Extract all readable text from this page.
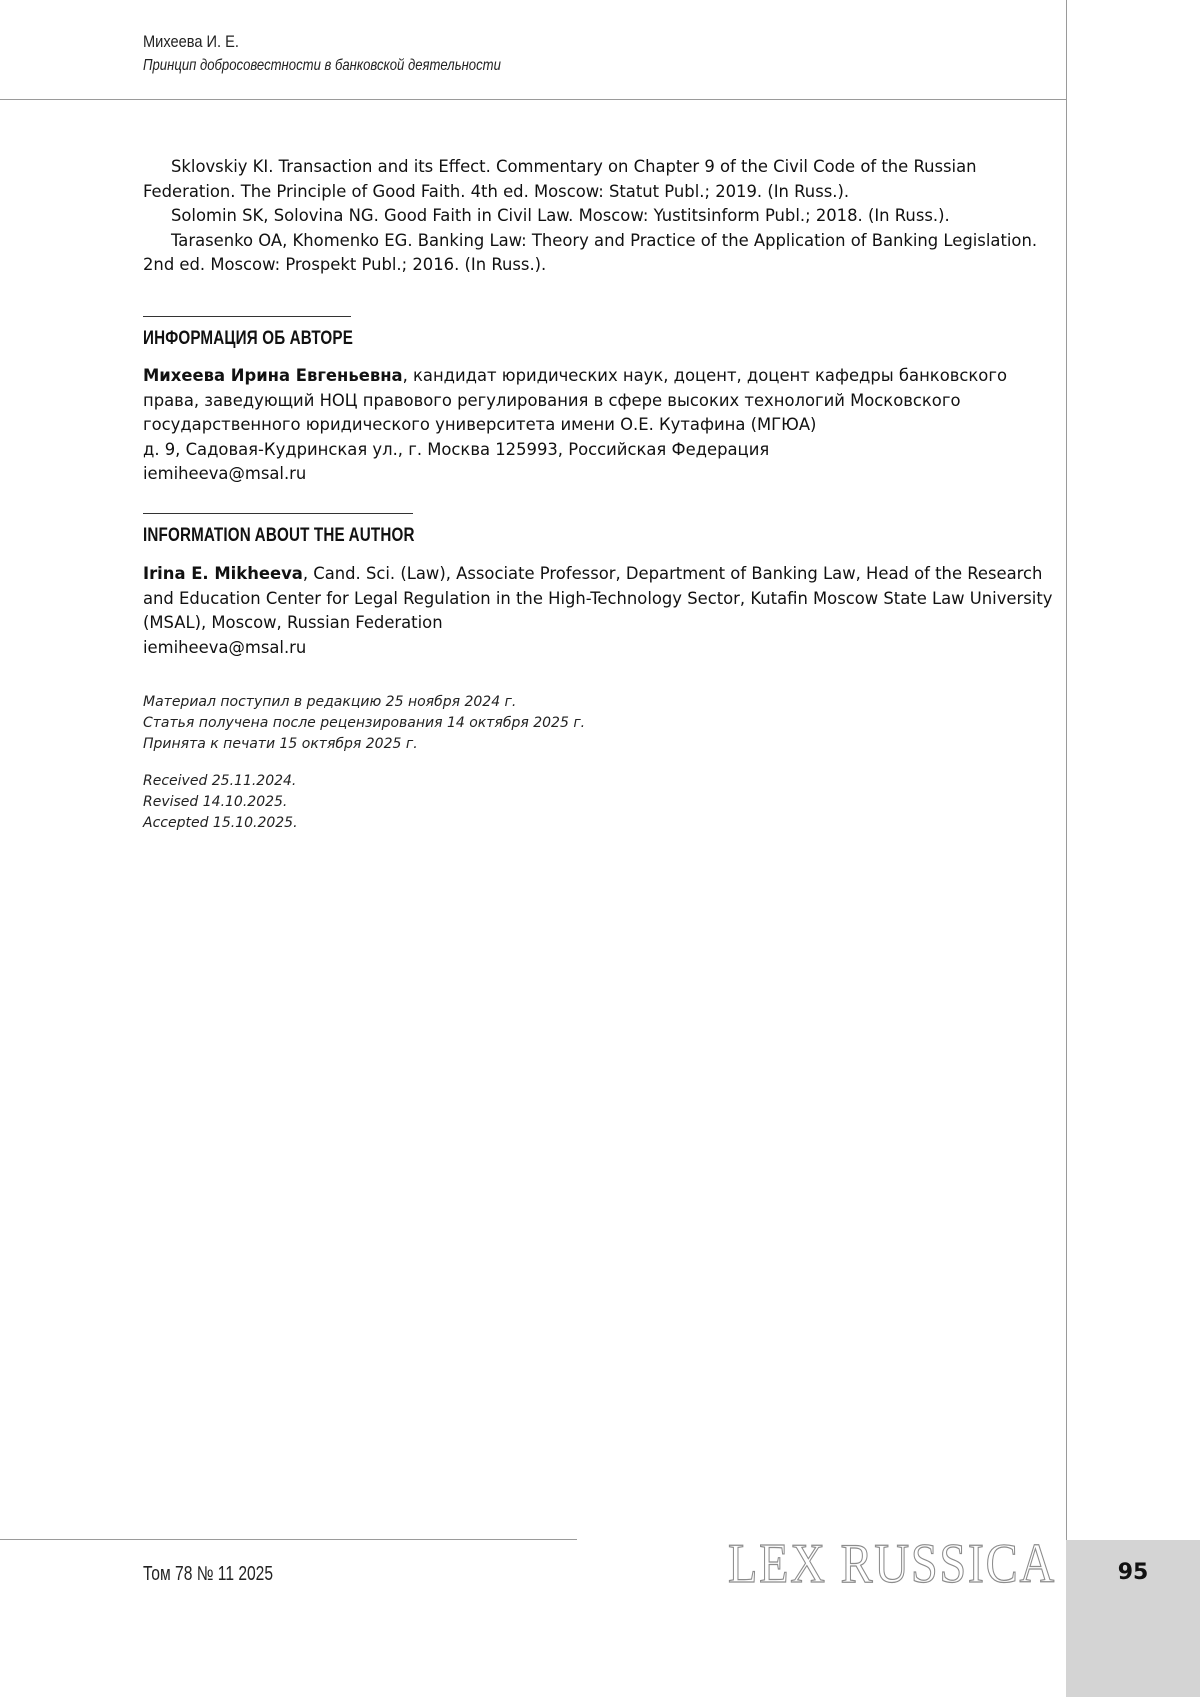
95
Михеева И. Е.
Принцип добросовестности в банковской деятельности

Sklovskiy KI. Transaction and its Effect. Commentary on Chapter 9 of the Civil Code of the Russian Federation. The Principle of Good Faith. 4th ed. Moscow: Statut Publ.; 2019. (In Russ.).

Solomin SK, Solovina NG. Good Faith in Civil Law. Moscow: Yustitsinform Publ.; 2018. (In Russ.).

Tarasenko OA, Khomenko EG. Banking Law: Theory and Practice of the Application of Banking Legislation. 2nd ed. Moscow: Prospekt Publ.; 2016. (In Russ.).

ИНФОРМАЦИЯ ОБ АВТОРЕ

Михеева Ирина Евгеньевна, кандидат юридических наук, доцент, доцент кафедры банковского права, заведующий НОЦ правового регулирования в сфере высоких технологий Московского государственного юридического университета имени О.Е. Кутафина (МГЮА)

д. 9, Садовая-Кудринская ул., г. Москва 125993, Российская Федерация

iemiheeva@msal.ru

INFORMATION ABOUT THE AUTHOR

Irina E. Mikheeva, Cand. Sci. (Law), Associate Professor, Department of Banking Law, Head of the Research and Education Center for Legal Regulation in the High-Technology Sector, Kutafin Moscow State Law University (MSAL), Moscow, Russian Federation

iemiheeva@msal.ru

Материал поступил в редакцию 25 ноября 2024 г.
Статья получена после рецензирования 14 октября 2025 г.
Принята к печати 15 октября 2025 г.
Received 25.11.2024.
Revised 14.10.2025.
Accepted 15.10.2025.
Том 78 № 11 2025	LEX RUSSICA
